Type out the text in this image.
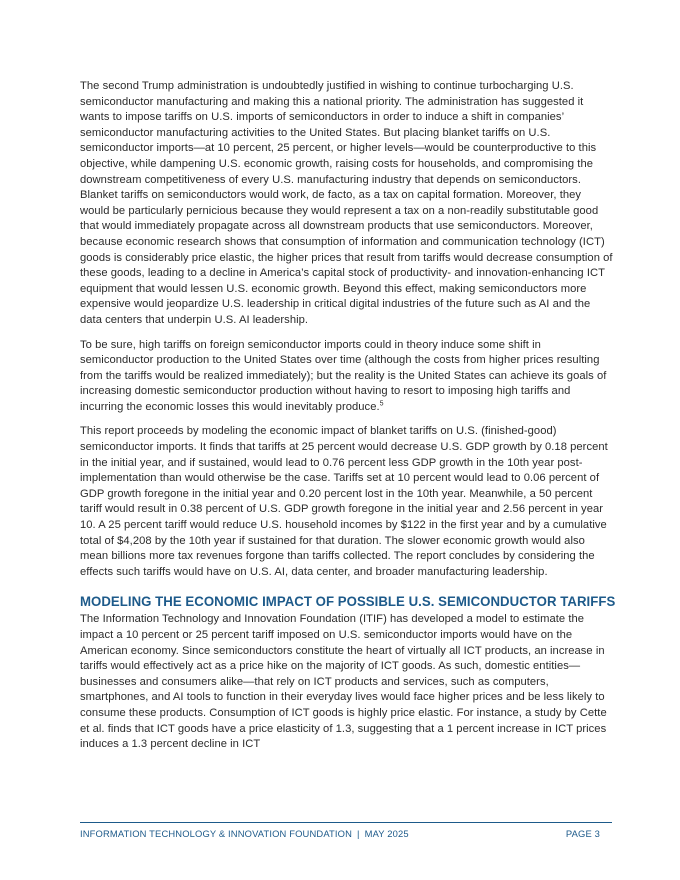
The second Trump administration is undoubtedly justified in wishing to continue turbocharging U.S. semiconductor manufacturing and making this a national priority. The administration has suggested it wants to impose tariffs on U.S. imports of semiconductors in order to induce a shift in companies’ semiconductor manufacturing activities to the United States. But placing blanket tariffs on U.S. semiconductor imports—at 10 percent, 25 percent, or higher levels—would be counterproductive to this objective, while dampening U.S. economic growth, raising costs for households, and compromising the downstream competitiveness of every U.S. manufacturing industry that depends on semiconductors. Blanket tariffs on semiconductors would work, de facto, as a tax on capital formation. Moreover, they would be particularly pernicious because they would represent a tax on a non-readily substitutable good that would immediately propagate across all downstream products that use semiconductors. Moreover, because economic research shows that consumption of information and communication technology (ICT) goods is considerably price elastic, the higher prices that result from tariffs would decrease consumption of these goods, leading to a decline in America’s capital stock of productivity- and innovation-enhancing ICT equipment that would lessen U.S. economic growth. Beyond this effect, making semiconductors more expensive would jeopardize U.S. leadership in critical digital industries of the future such as AI and the data centers that underpin U.S. AI leadership.

To be sure, high tariffs on foreign semiconductor imports could in theory induce some shift in semiconductor production to the United States over time (although the costs from higher prices resulting from the tariffs would be realized immediately); but the reality is the United States can achieve its goals of increasing domestic semiconductor production without having to resort to imposing high tariffs and incurring the economic losses this would inevitably produce.$^5$

This report proceeds by modeling the economic impact of blanket tariffs on U.S. (finished-good) semiconductor imports. It finds that tariffs at 25 percent would decrease U.S. GDP growth by 0.18 percent in the initial year, and if sustained, would lead to 0.76 percent less GDP growth in the 10th year post-implementation than would otherwise be the case. Tariffs set at 10 percent would lead to 0.06 percent of GDP growth foregone in the initial year and 0.20 percent lost in the 10th year. Meanwhile, a 50 percent tariff would result in 0.38 percent of U.S. GDP growth foregone in the initial year and 2.56 percent in year 10. A 25 percent tariff would reduce U.S. household incomes by $122 in the first year and by a cumulative total of $4,208 by the 10th year if sustained for that duration. The slower economic growth would also mean billions more tax revenues forgone than tariffs collected. The report concludes by considering the effects such tariffs would have on U.S. AI, data center, and broader manufacturing leadership.

MODELING THE ECONOMIC IMPACT OF POSSIBLE U.S. SEMICONDUCTOR TARIFFS

The Information Technology and Innovation Foundation (ITIF) has developed a model to estimate the impact a 10 percent or 25 percent tariff imposed on U.S. semiconductor imports would have on the American economy. Since semiconductors constitute the heart of virtually all ICT products, an increase in tariffs would effectively act as a price hike on the majority of ICT goods. As such, domestic entities—businesses and consumers alike—that rely on ICT products and services, such as computers, smartphones, and AI tools to function in their everyday lives would face higher prices and be less likely to consume these products. Consumption of ICT goods is highly price elastic. For instance, a study by Cette et al. finds that ICT goods have a price elasticity of 1.3, suggesting that a 1 percent increase in ICT prices induces a 1.3 percent decline in ICT

INFORMATION TECHNOLOGY & INNOVATION FOUNDATION | MAY 2025	PAGE 3
